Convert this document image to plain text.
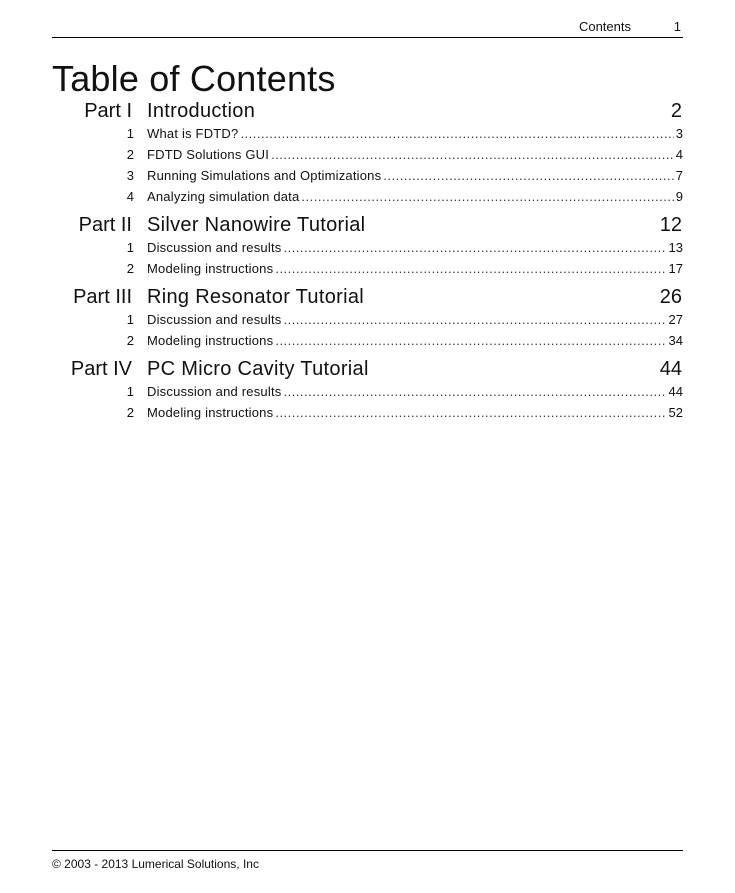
Contents	1
Table of Contents
Part I Introduction	2
1 What is FDTD? .....	3
2 FDTD Solutions GUI .....	4
3 Running Simulations and Optimizations .....	7
4 Analyzing simulation data .....	9
Part II Silver Nanowire Tutorial	12
1 Discussion and results .....	13
2 Modeling instructions .....	17
Part III Ring Resonator Tutorial	26
1 Discussion and results .....	27
2 Modeling instructions .....	34
Part IV PC Micro Cavity Tutorial	44
1 Discussion and results .....	44
2 Modeling instructions .....	52
© 2003 - 2013 Lumerical Solutions, Inc
